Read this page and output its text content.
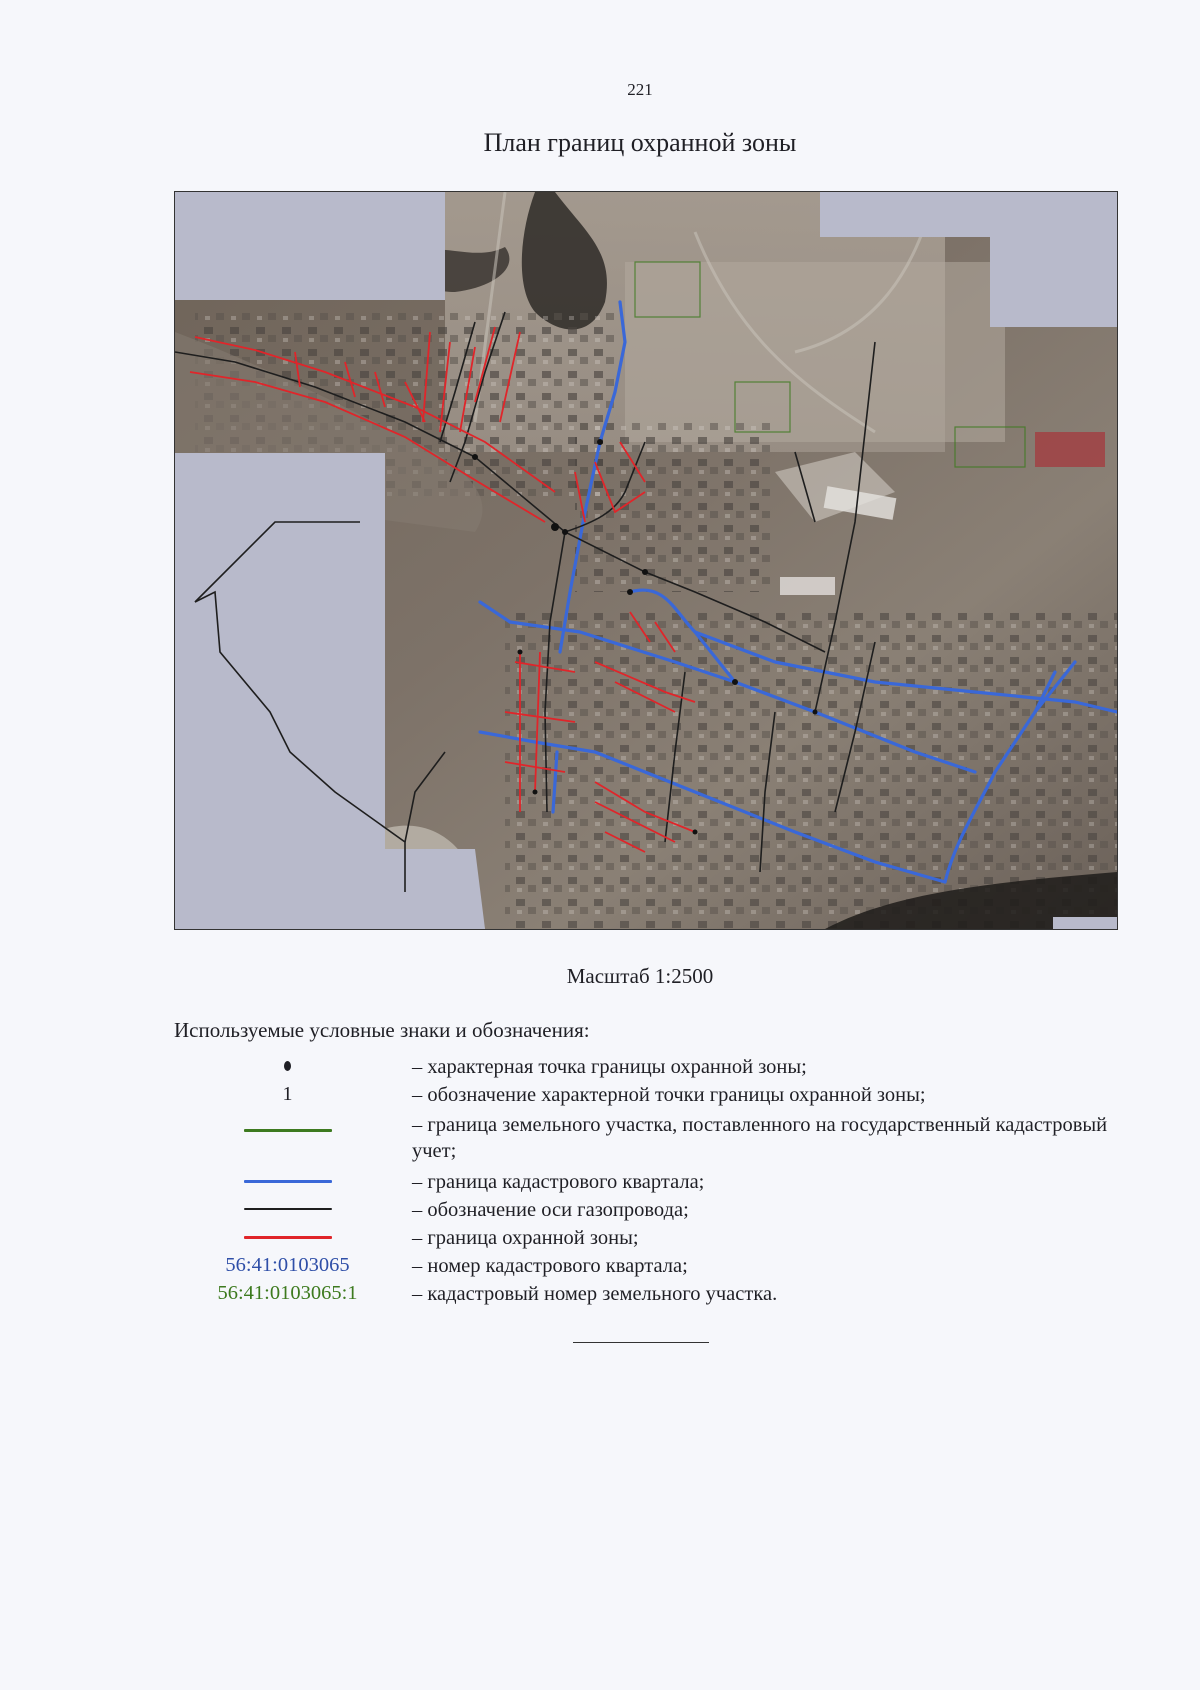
221
План границ охранной зоны
Масштаб 1:2500
Используемые условные знаки и обозначения:
– характерная точка границы охранной зоны;
1	– обозначение характерной точки границы охранной зоны;
– граница земельного участка, поставленного на государственный кадастровый учет;
– граница кадастрового квартала;
– обозначение оси газопровода;
– граница охранной зоны;
56:41:0103065	– номер кадастрового квартала;
56:41:0103065:1	– кадастровый номер земельного участка.
